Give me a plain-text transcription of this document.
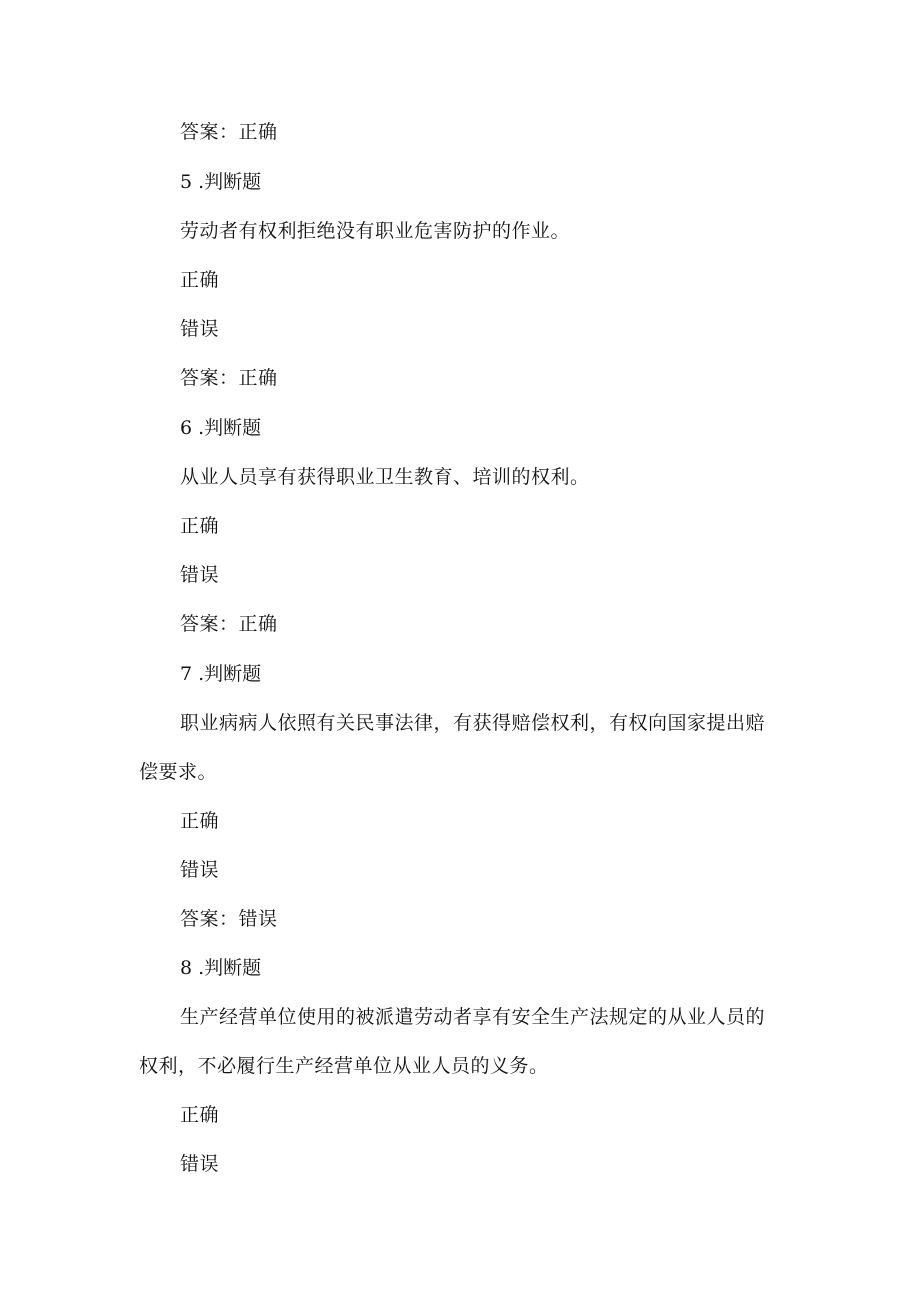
答案：正确
5 .判断题
劳动者有权利拒绝没有职业危害防护的作业。
正确
错误
答案：正确
6 .判断题
从业人员享有获得职业卫生教育、培训的权利。
正确
错误
答案：正确
7 .判断题
职业病病人依照有关民事法律，有获得赔偿权利，有权向国家提出赔
偿要求。
正确
错误
答案：错误
8 .判断题
生产经营单位使用的被派遣劳动者享有安全生产法规定的从业人员的
权利，不必履行生产经营单位从业人员的义务。
正确
错误
